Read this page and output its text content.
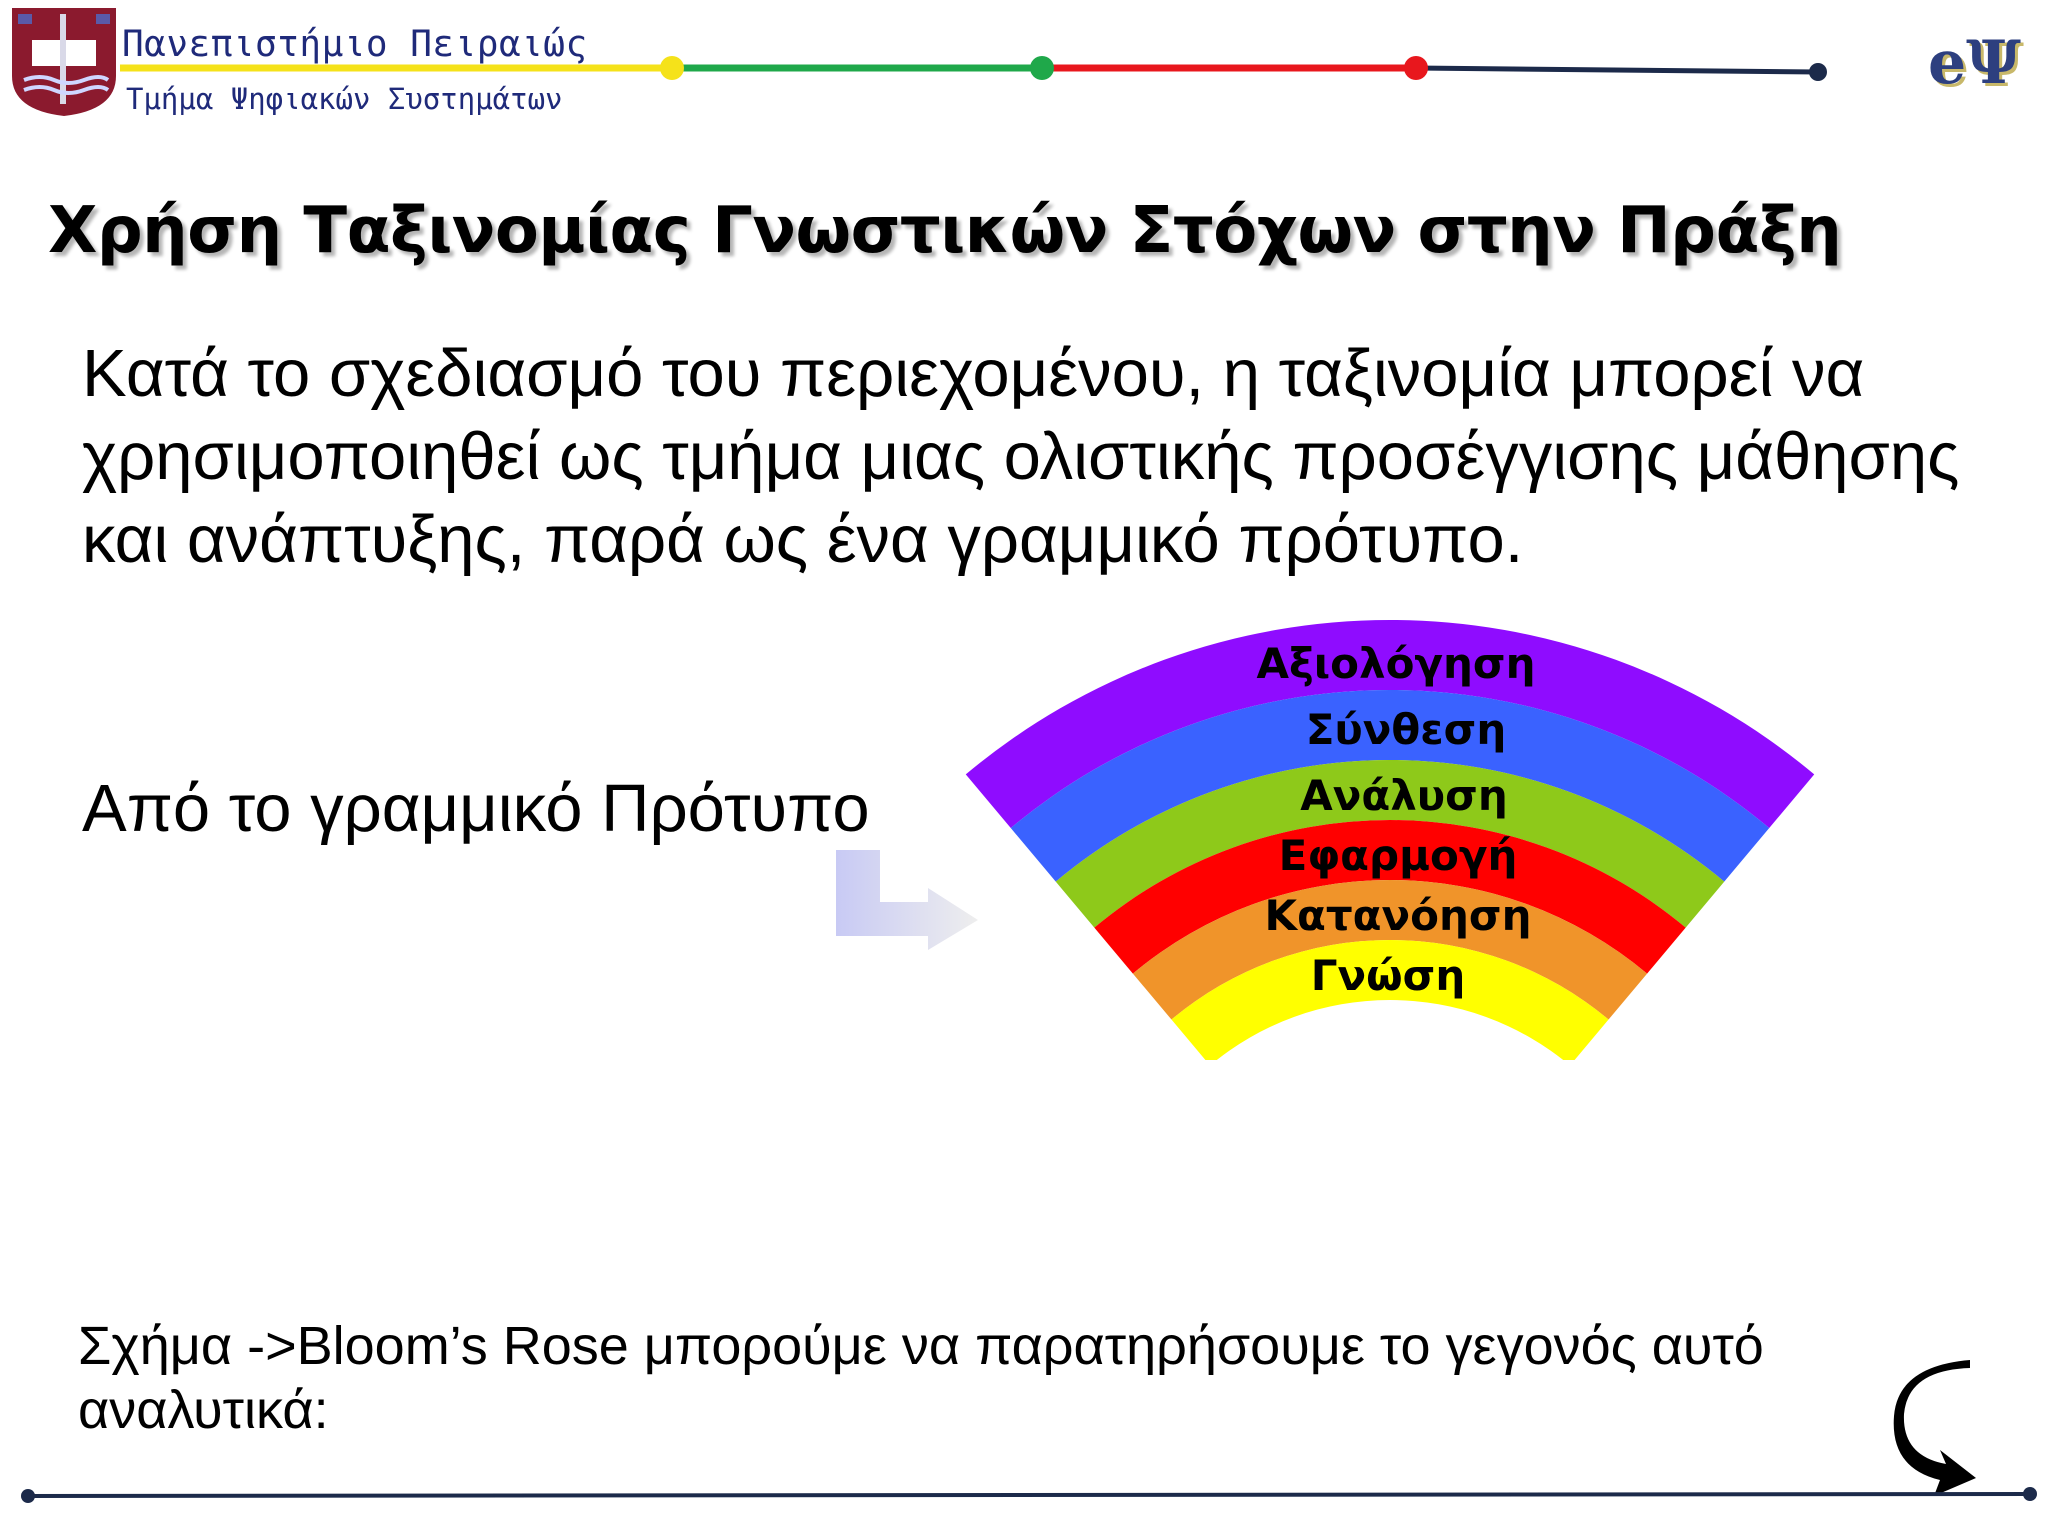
Πανεπιστήμιο Πειραιώς
Τμήμα Ψηφιακών Συστημάτων
eΨ
Χρήση Ταξινομίας Γνωστικών Στόχων στην Πράξη
Κατά το σχεδιασμό του περιεχομένου, η ταξινομία μπορεί να χρησιμοποιηθεί ως τμήμα μιας ολιστικής προσέγγισης μάθησης και ανάπτυξης, παρά ως ένα γραμμικό πρότυπο.
Από το γραμμικό Πρότυπο
Αξιολόγηση
Σύνθεση
Ανάλυση
Εφαρμογή
Κατανόηση
Γνώση
Σχήμα ->Bloom’s Rose μπορούμε να παρατηρήσουμε το γεγονός αυτό αναλυτικά:
